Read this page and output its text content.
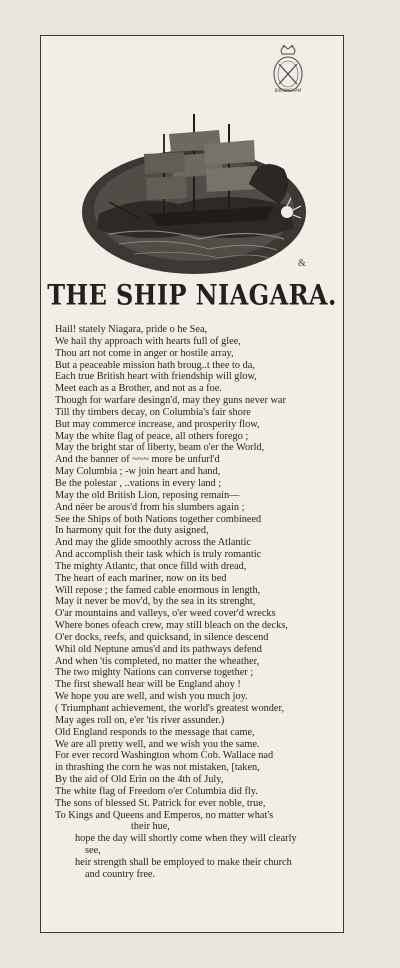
BIRMINGHAM
&
THE SHIP NIAGARA.
Hail! stately Niagara, pride o he Sea,
We hail thy approach with hearts full of glee,
Thou art not come in anger or hostile array,
But a peaceable mission hath broug..t thee to da,
Each true British heart with friendship will glow,
Meet each as a Brother, and not as a foe.
Though for warfare desingn'd, may they guns never war
Till thy timbers decay, on Columbia's fair shore
But may commerce increase, and prosperity flow,
May the white flag of peace, all others forego ;
May the bright star of liberty, beam o'er the World,
And the banner of ~~~ more be unfurl'd
May Columbia ; -w join heart and hand,
Be the polestar , ..vations in every land ;
May the old British Lion, reposing remain—
And nëer be arous'd from his slumbers again ;
See the Ships of both Nations together combineed
In harmony quit for the duty asigned,
And may the glide smoothly across the Atlantic
And accomplish their task which is truly romantic
The mighty Atlantc, that once filld with dread,
The heart of each mariner, now on its bed
Will repose ; the famed cable enormous in length,
May it never be mov'd, by the sea in its strenght,
O'ar mountains and valleys, o'er weed cover'd wrecks
Where bones ofeach crew, may still bleach on the decks,
O'er docks, reefs, and quicksand, in silence descend
Whil old Neptune amus'd and its pathways defend
And when 'tis completed, no matter the wheather,
The two mighty Nations can converse together ;
The first shewall hear will be England ahoy !
We hope you are well, and wish you much joy.
( Triumphant achievement, the world's greatest wonder,
May ages roll on, e'er 'tis river assunder.)
Old England responds to the message that came,
We are all pretty well, and we wish you the same.
For ever record Washington whom Cob. Wallace nad
in thrashing the corn he was not mistaken, [taken,
By the aid of Old Erin on the 4th of July,
The white flag of Freedom o'er Columbia did fly.
The sons of blessed St. Patrick for ever noble, true,
To Kings and Queens and Emperos, no matter what's
their hue,
hope the day will shortly come when they will clearly
see,
heir strength shall be employed to make their church
and country free.
